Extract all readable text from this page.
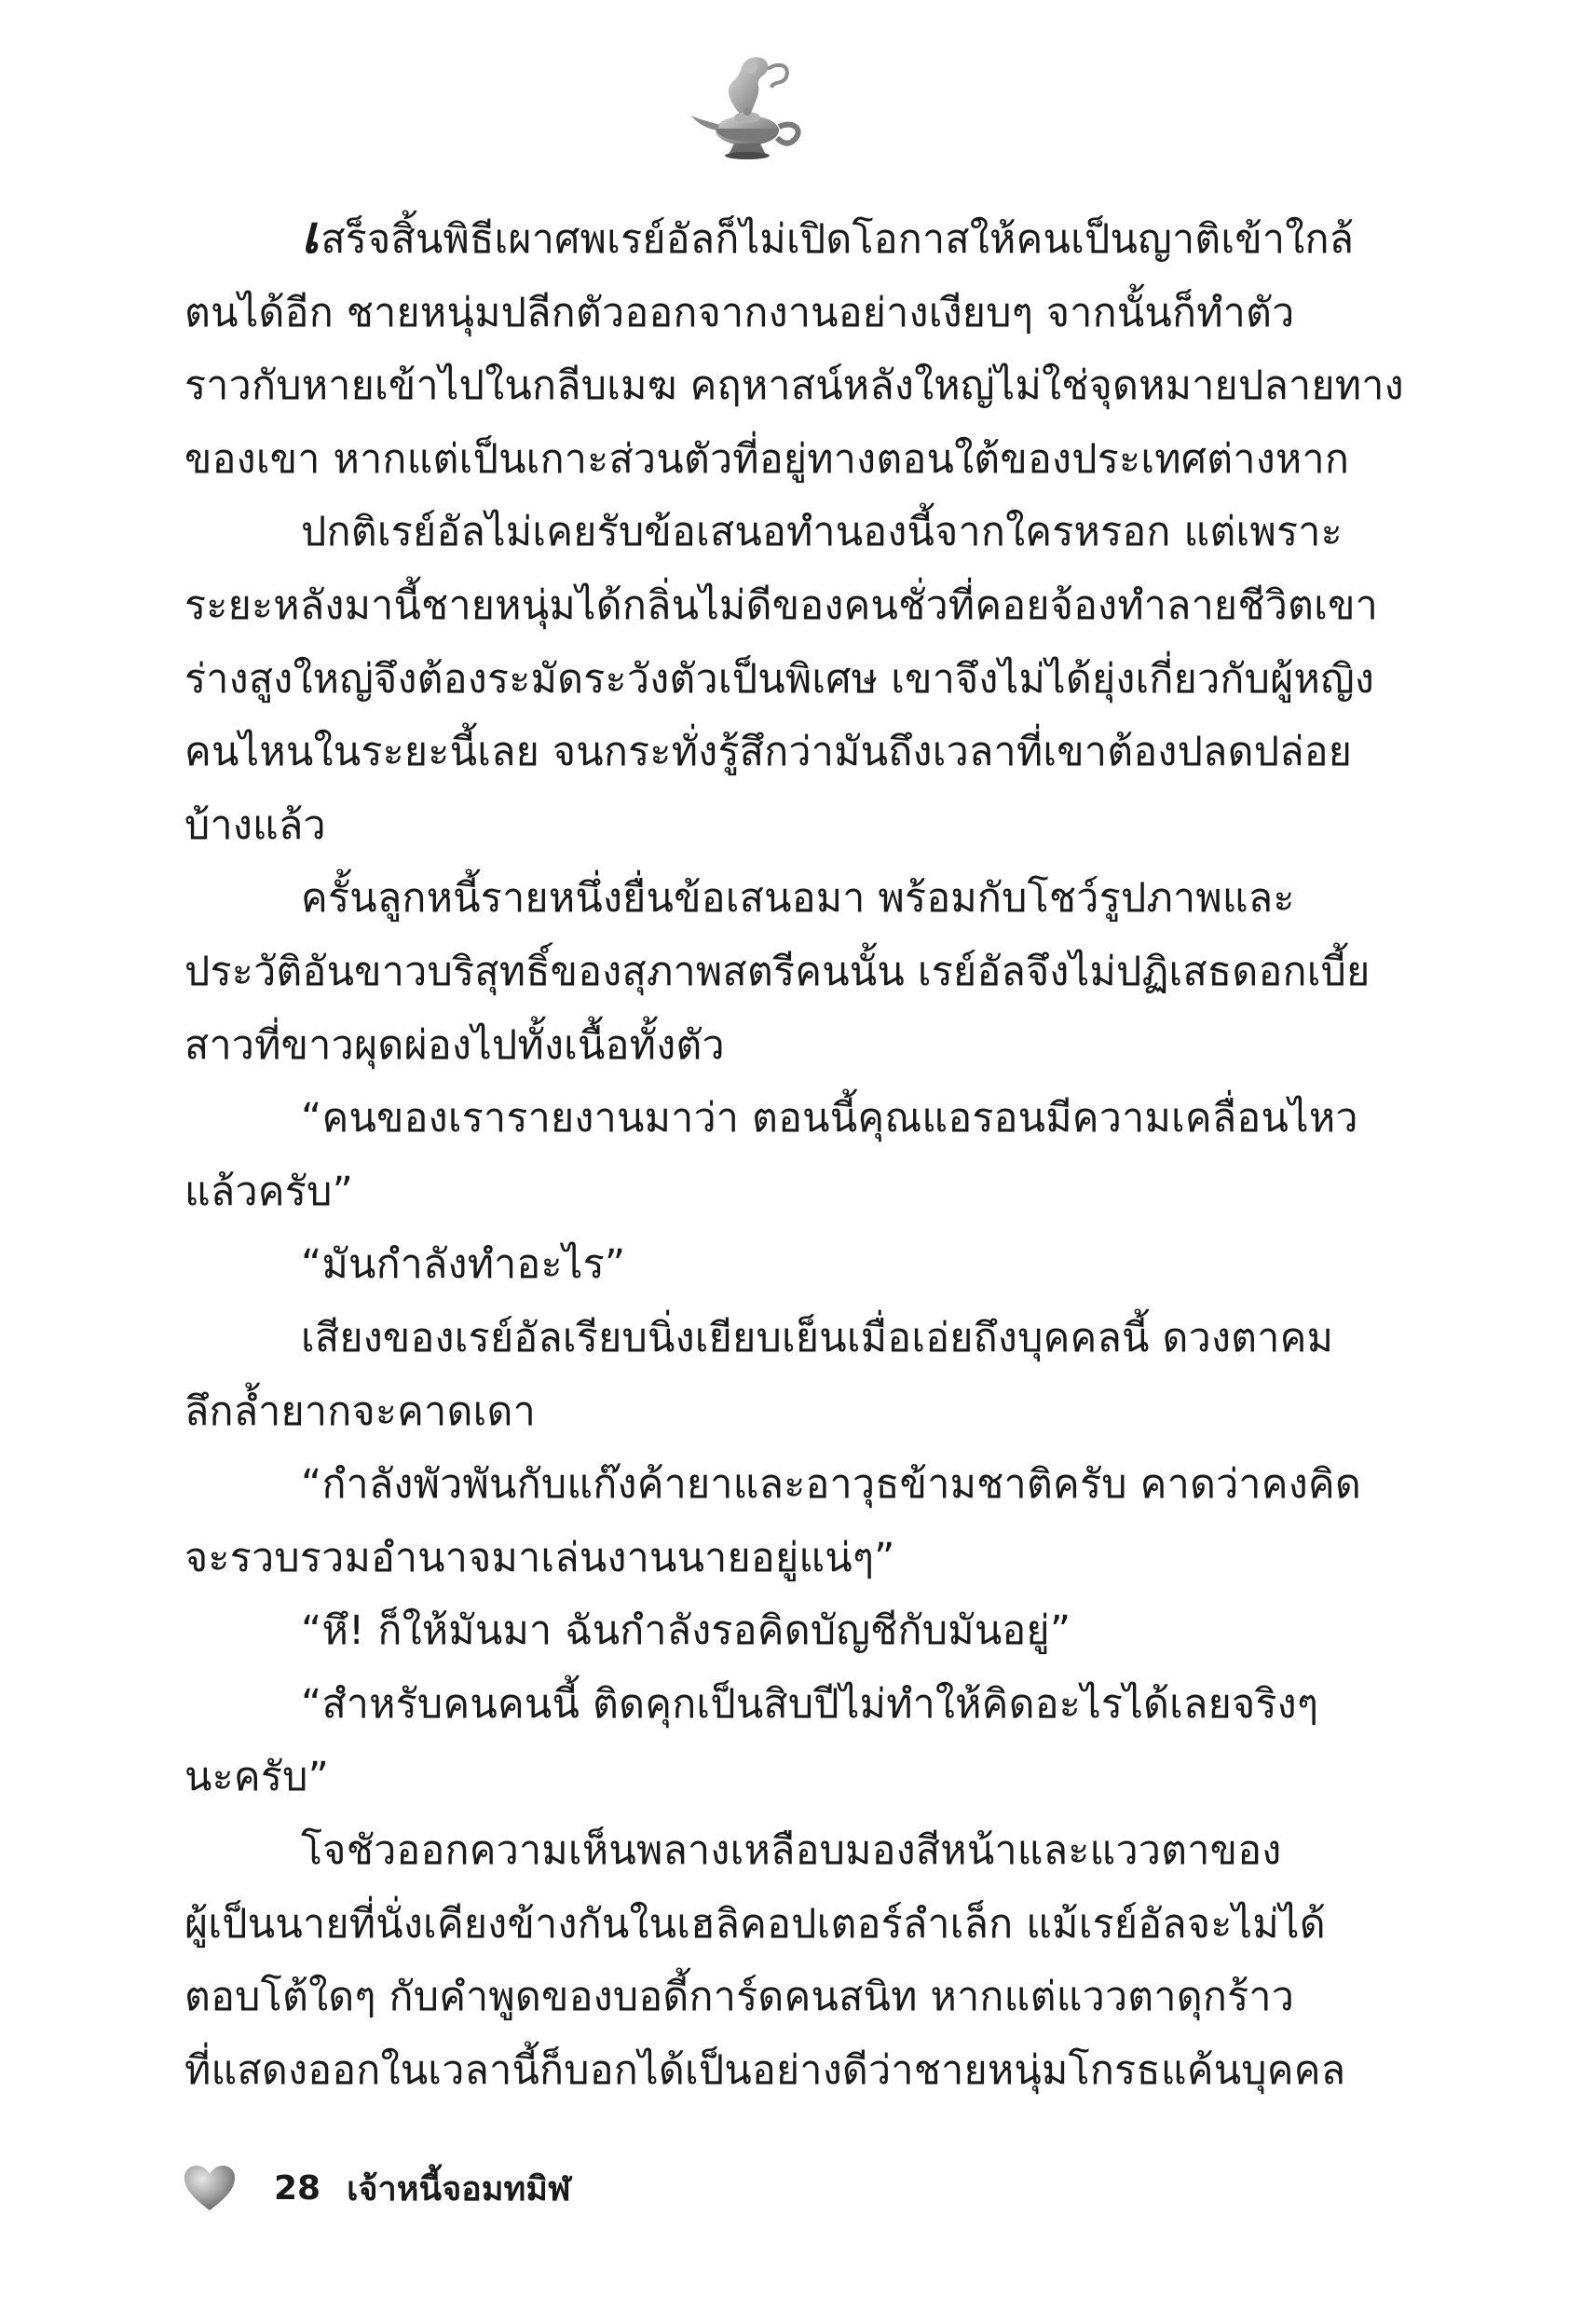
เสร็จสิ้นพิธีเผาศพเรย์อัลก็ไม่เปิดโอกาสให้คนเป็นญาติเข้าใกล้
ตนได้อีก ชายหนุ่มปลีกตัวออกจากงานอย่างเงียบๆ จากนั้นก็ทำตัว
ราวกับหายเข้าไปในกลีบเมฆ คฤหาสน์หลังใหญ่ไม่ใช่จุดหมายปลายทาง
ของเขา หากแต่เป็นเกาะส่วนตัวที่อยู่ทางตอนใต้ของประเทศต่างหาก
ปกติเรย์อัลไม่เคยรับข้อเสนอทำนองนี้จากใครหรอก แต่เพราะ
ระยะหลังมานี้ชายหนุ่มได้กลิ่นไม่ดีของคนชั่วที่คอยจ้องทำลายชีวิตเขา
ร่างสูงใหญ่จึงต้องระมัดระวังตัวเป็นพิเศษ เขาจึงไม่ได้ยุ่งเกี่ยวกับผู้หญิง
คนไหนในระยะนี้เลย จนกระทั่งรู้สึกว่ามันถึงเวลาที่เขาต้องปลดปล่อย
บ้างแล้ว
ครั้นลูกหนี้รายหนึ่งยื่นข้อเสนอมา พร้อมกับโชว์รูปภาพและ
ประวัติอันขาวบริสุทธิ์ของสุภาพสตรีคนนั้น เรย์อัลจึงไม่ปฏิเสธดอกเบี้ย
สาวที่ขาวผุดผ่องไปทั้งเนื้อทั้งตัว
“คนของเรารายงานมาว่า ตอนนี้คุณแอรอนมีความเคลื่อนไหว
แล้วครับ”
“มันกำลังทำอะไร”
เสียงของเรย์อัลเรียบนิ่งเยียบเย็นเมื่อเอ่ยถึงบุคคลนี้ ดวงตาคม
ลึกล้ำยากจะคาดเดา
“กำลังพัวพันกับแก๊งค้ายาและอาวุธข้ามชาติครับ คาดว่าคงคิด
จะรวบรวมอำนาจมาเล่นงานนายอยู่แน่ๆ”
“หึ! ก็ให้มันมา ฉันกำลังรอคิดบัญชีกับมันอยู่”
“สำหรับคนคนนี้ ติดคุกเป็นสิบปีไม่ทำให้คิดอะไรได้เลยจริงๆ
นะครับ”
โจชัวออกความเห็นพลางเหลือบมองสีหน้าและแววตาของ
ผู้เป็นนายที่นั่งเคียงข้างกันในเฮลิคอปเตอร์ลำเล็ก แม้เรย์อัลจะไม่ได้
ตอบโต้ใดๆ กับคำพูดของบอดี้การ์ดคนสนิท หากแต่แววตาดุกร้าว
ที่แสดงออกในเวลานี้ก็บอกได้เป็นอย่างดีว่าชายหนุ่มโกรธแค้นบุคคล
28 เจ้าหนี้จอมทมิฬ
